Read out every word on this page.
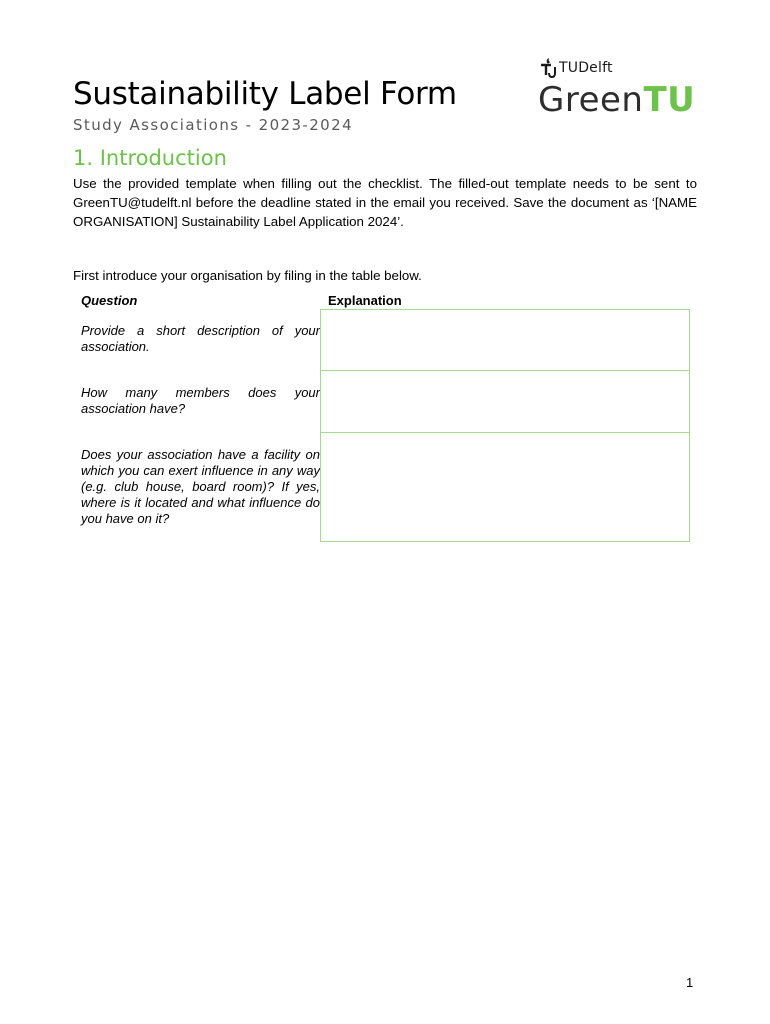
TUDelft
GreenTU
Sustainability Label Form
Study Associations - 2023-2024
1. Introduction

Use the provided template when filling out the checklist. The filled-out template needs to be sent to GreenTU@tudelft.nl before the deadline stated in the email you received. Save the document as ‘[NAME ORGANISATION] Sustainability Label Application 2024’.

First introduce your organisation by filing in the table below.

Question	Explanation
Provide a short description of your association.
How many members does your association have?
Does your association have a facility on which you can exert influence in any way (e.g. club house, board room)? If yes, where is it located and what influence do you have on it?
1
